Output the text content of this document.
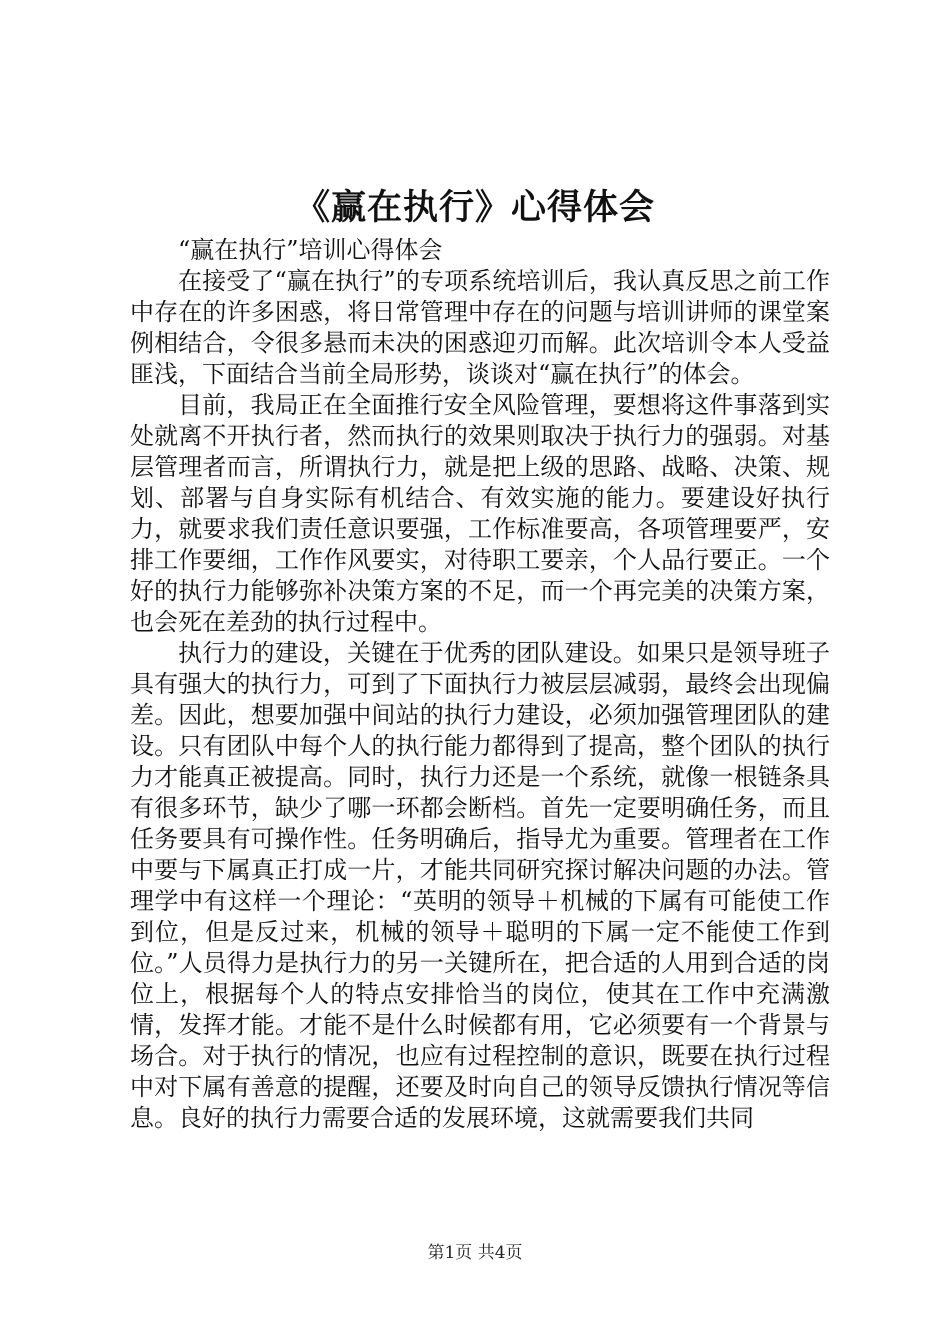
《赢在执行》心得体会

“赢在执行”培训心得体会

在接受了“赢在执行”的专项系统培训后，我认真反思之前工作中存在的许多困惑，将日常管理中存在的问题与培训讲师的课堂案例相结合，令很多悬而未决的困惑迎刃而解。此次培训令本人受益匪浅，下面结合当前全局形势，谈谈对“赢在执行”的体会。

目前，我局正在全面推行安全风险管理，要想将这件事落到实处就离不开执行者，然而执行的效果则取决于执行力的强弱。对基层管理者而言，所谓执行力，就是把上级的思路、战略、决策、规划、部署与自身实际有机结合、有效实施的能力。要建设好执行力，就要求我们责任意识要强，工作标准要高，各项管理要严，安排工作要细，工作作风要实，对待职工要亲，个人品行要正。一个好的执行力能够弥补决策方案的不足，而一个再完美的决策方案，也会死在差劲的执行过程中。

执行力的建设，关键在于优秀的团队建设。如果只是领导班子具有强大的执行力，可到了下面执行力被层层减弱，最终会出现偏差。因此，想要加强中间站的执行力建设，必须加强管理团队的建设。只有团队中每个人的执行能力都得到了提高，整个团队的执行力才能真正被提高。同时，执行力还是一个系统，就像一根链条具有很多环节，缺少了哪一环都会断档。首先一定要明确任务，而且任务要具有可操作性。任务明确后，指导尤为重要。管理者在工作中要与下属真正打成一片，才能共同研究探讨解决问题的办法。管理学中有这样一个理论：“英明的领导＋机械的下属有可能使工作到位，但是反过来，机械的领导＋聪明的下属一定不能使工作到位。”人员得力是执行力的另一关键所在，把合适的人用到合适的岗位上，根据每个人的特点安排恰当的岗位，使其在工作中充满激情，发挥才能。才能不是什么时候都有用，它必须要有一个背景与场合。对于执行的情况，也应有过程控制的意识，既要在执行过程中对下属有善意的提醒，还要及时向自己的领导反馈执行情况等信息。良好的执行力需要合适的发展环境，这就需要我们共同

第1页 共4页
